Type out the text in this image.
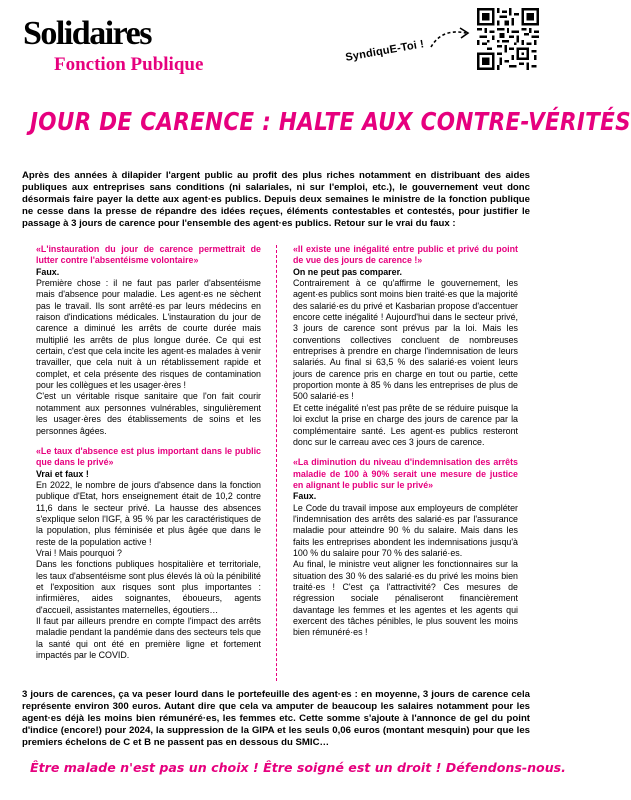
Solidaires
Fonction Publique
SyndiquE-Toi !
JOUR DE CARENCE : HALTE AUX CONTRE-VÉRITÉS

Après des années à dilapider l'argent public au profit des plus riches notamment en distribuant des aides publiques aux entreprises sans conditions (ni salariales, ni sur l'emploi, etc.), le gouvernement veut donc désormais faire payer la dette aux agent·es publics. Depuis deux semaines le ministre de la fonction publique ne cesse dans la presse de répandre des idées reçues, éléments contestables et contestés, pour justifier le passage à 3 jours de carence pour l'ensemble des agent·es publics. Retour sur le vrai du faux :

«L'instauration du jour de carence permettrait de lutter contre l'absentéisme volontaire»

Faux.

Première chose : il ne faut pas parler d'absentéisme mais d'absence pour maladie. Les agent·es ne sèchent pas le travail. Ils sont arrêté·es par leurs médecins en raison d'indications médicales. L'instauration du jour de carence a diminué les arrêts de courte durée mais multiplié les arrêts de plus longue durée. Ce qui est certain, c'est que cela incite les agent·es malades à venir travailler, que cela nuit à un rétablissement rapide et complet, et cela présente des risques de contamination pour les collègues et les usager·ères !

C'est un véritable risque sanitaire que l'on fait courir notamment aux personnes vulnérables, singulièrement les usager·ères des établissements de soins et les personnes âgées.

«Le taux d'absence est plus important dans le public que dans le privé»

Vrai et faux !

En 2022, le nombre de jours d'absence dans la fonction publique d'Etat, hors enseignement était de 10,2 contre 11,6 dans le secteur privé. La hausse des absences s'explique selon l'IGF, à 95 % par les caractéristiques de la population, plus féminisée et plus âgée que dans le reste de la population active !

Vrai ! Mais pourquoi ?

Dans les fonctions publiques hospitalière et territoriale, les taux d'absentéisme sont plus élevés là où la pénibilité et l'exposition aux risques sont plus importantes : infirmières, aides soignantes, éboueurs, agents d'accueil, assistantes maternelles, égoutiers…

Il faut par ailleurs prendre en compte l'impact des arrêts maladie pendant la pandémie dans des secteurs tels que la santé qui ont été en première ligne et fortement impactés par le COVID.

«Il existe une inégalité entre public et privé du point de vue des jours de carence !»

On ne peut pas comparer.

Contrairement à ce qu'affirme le gouvernement, les agent·es publics sont moins bien traité·es que la majorité des salarié·es du privé et Kasbarian propose d'accentuer encore cette inégalité ! Aujourd'hui dans le secteur privé, 3 jours de carence sont prévus par la loi. Mais les conventions collectives concluent de nombreuses entreprises à prendre en charge l'indemnisation de leurs salariés. Au final si 63,5 % des salarié·es voient leurs jours de carence pris en charge en tout ou partie, cette proportion monte à 85 % dans les entreprises de plus de 500 salarié·es !

Et cette inégalité n'est pas prête de se réduire puisque la loi exclut la prise en charge des jours de carence par la complémentaire santé. Les agent·es publics resteront donc sur le carreau avec ces 3 jours de carence.

«La diminution du niveau d'indemnisation des arrêts maladie de 100 à 90% serait une mesure de justice en alignant le public sur le privé»

Faux.

Le Code du travail impose aux employeurs de compléter l'indemnisation des arrêts des salarié·es par l'assurance maladie pour atteindre 90 % du salaire. Mais dans les faits les entreprises abondent les indemnisations jusqu'à 100 % du salaire pour 70 % des salarié·es.

Au final, le ministre veut aligner les fonctionnaires sur la situation des 30 % des salarié·es du privé les moins bien traité·es ! C'est ça l'attractivité? Ces mesures de régression sociale pénaliseront financièrement davantage les femmes et les agentes et les agents qui exercent des tâches pénibles, le plus souvent les moins bien rémunéré·es !

3 jours de carences, ça va peser lourd dans le portefeuille des agent·es : en moyenne, 3 jours de carence cela représente environ 300 euros. Autant dire que cela va amputer de beaucoup les salaires notamment pour les agent·es déjà les moins bien rémunéré·es, les femmes etc. Cette somme s'ajoute à l'annonce de gel du point d'indice (encore!) pour 2024, la suppression de la GIPA et les seuls 0,06 euros (montant mesquin) pour que les premiers échelons de C et B ne passent pas en dessous du SMIC…

Être malade n'est pas un choix ! Être soigné est un droit ! Défendons-nous.
